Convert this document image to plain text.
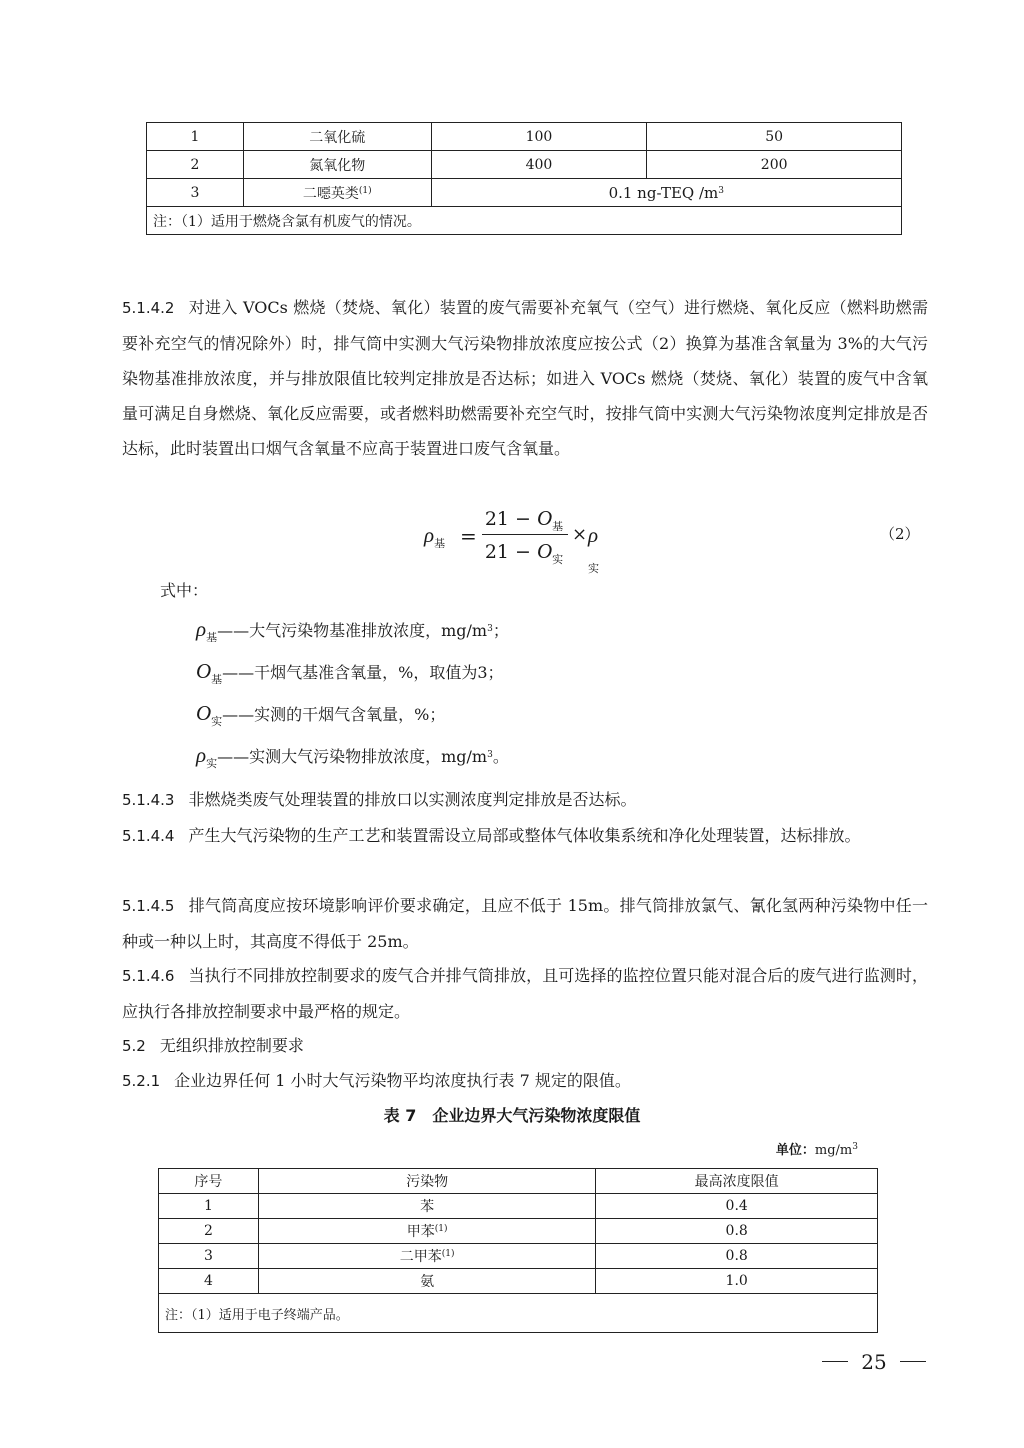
1	二氧化硫	100	50
2	氮氧化物	400	200
3	二噁英类$^{(1)}$	0.1 ng-TEQ $/m^3$
注：（1）适用于燃烧含氯有机废气的情况。			
5.1.4.2 对进入 VOCs 燃烧（焚烧、氧化）装置的废气需要补充氧气（空气）进行燃烧、氧化反应（燃料助燃需要补充空气的情况除外）时，排气筒中实测大气污染物排放浓度应按公式（2）换算为基准含氧量为 3%的大气污染物基准排放浓度，并与排放限值比较判定排放是否达标；如进入 VOCs 燃烧（焚烧、氧化）装置的废气中含氧量可满足自身燃烧、氧化反应需要，或者燃料助燃需要补充空气时，按排气筒中实测大气污染物浓度判定排放是否达标，此时装置出口烟气含氧量不应高于装置进口废气含氧量。
$\rho_基$ =
$21 - O_基$
$21 - O_实$
× $\rho_实$
（2）
式中：
$\rho_基——$大气污染物基准排放浓度，$mg/m^3$；
$O_基——$干烟气基准含氧量，%，取值为3；
$O_实——$实测的干烟气含氧量，%；
$\rho_实——$实测大气污染物排放浓度，$mg/m^3$。
5.1.4.3 非燃烧类废气处理装置的排放口以实测浓度判定排放是否达标。
5.1.4.4 产生大气污染物的生产工艺和装置需设立局部或整体气体收集系统和净化处理装置，达标排放。
5.1.4.5 排气筒高度应按环境影响评价要求确定，且应不低于 15m。排气筒排放氯气、氰化氢两种污染物中任一种或一种以上时，其高度不得低于 25m。
5.1.4.6 当执行不同排放控制要求的废气合并排气筒排放，且可选择的监控位置只能对混合后的废气进行监测时，应执行各排放控制要求中最严格的规定。
5.2 无组织排放控制要求
5.2.1 企业边界任何 1 小时大气污染物平均浓度执行表 7 规定的限值。
表 7　企业边界大气污染物浓度限值
单位：$mg/m^3$
序号	污染物	最高浓度限值
1	苯	0.4
2	甲苯$^{(1)}$	0.8
3	二甲苯$^{(1)}$	0.8
4	氨	1.0
注：（1）适用于电子终端产品。		
25
